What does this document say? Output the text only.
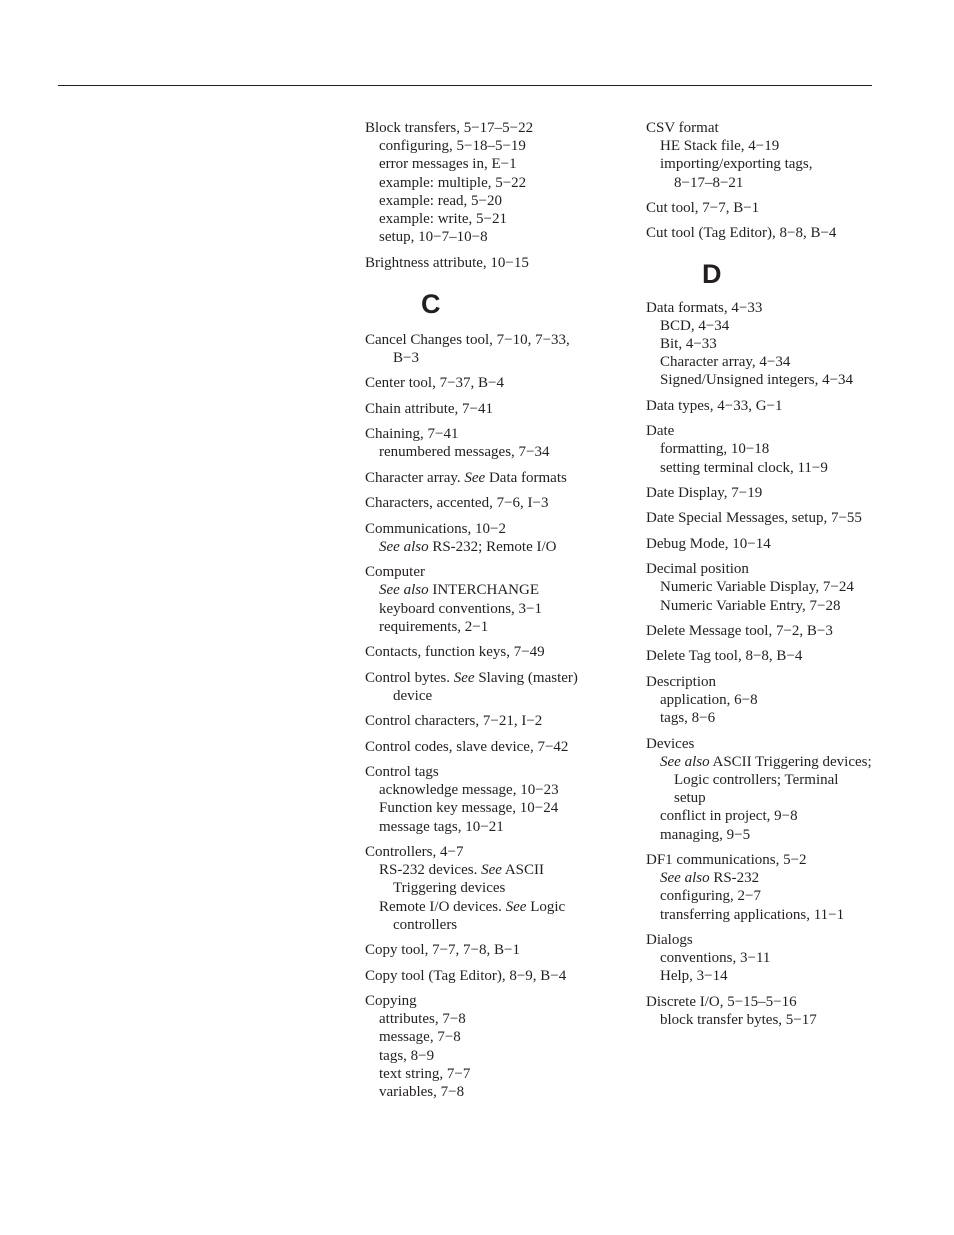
Block transfers, 5−17–5−22
configuring, 5−18–5−19
error messages in, E−1
example: multiple, 5−22
example: read, 5−20
example: write, 5−21
setup, 10−7–10−8
Brightness attribute, 10−15
C
Cancel Changes tool, 7−10, 7−33,
B−3
Center tool, 7−37, B−4
Chain attribute, 7−41
Chaining, 7−41
renumbered messages, 7−34
Character array. See Data formats
Characters, accented, 7−6, I−3
Communications, 10−2
See also RS-232; Remote I/O
Computer
See also INTERCHANGE
keyboard conventions, 3−1
requirements, 2−1
Contacts, function keys, 7−49
Control bytes. See Slaving (master)
device
Control characters, 7−21, I−2
Control codes, slave device, 7−42
Control tags
acknowledge message, 10−23
Function key message, 10−24
message tags, 10−21
Controllers, 4−7
RS-232 devices. See ASCII
Triggering devices
Remote I/O devices. See Logic
controllers
Copy tool, 7−7, 7−8, B−1
Copy tool (Tag Editor), 8−9, B−4
Copying
attributes, 7−8
message, 7−8
tags, 8−9
text string, 7−7
variables, 7−8
CSV format
HE Stack file, 4−19
importing/exporting tags,
8−17–8−21
Cut tool, 7−7, B−1
Cut tool (Tag Editor), 8−8, B−4
D
Data formats, 4−33
BCD, 4−34
Bit, 4−33
Character array, 4−34
Signed/Unsigned integers, 4−34
Data types, 4−33, G−1
Date
formatting, 10−18
setting terminal clock, 11−9
Date Display, 7−19
Date Special Messages, setup, 7−55
Debug Mode, 10−14
Decimal position
Numeric Variable Display, 7−24
Numeric Variable Entry, 7−28
Delete Message tool, 7−2, B−3
Delete Tag tool, 8−8, B−4
Description
application, 6−8
tags, 8−6
Devices
See also ASCII Triggering devices;
Logic controllers; Terminal
setup
conflict in project, 9−8
managing, 9−5
DF1 communications, 5−2
See also RS-232
configuring, 2−7
transferring applications, 11−1
Dialogs
conventions, 3−11
Help, 3−14
Discrete I/O, 5−15–5−16
block transfer bytes, 5−17
